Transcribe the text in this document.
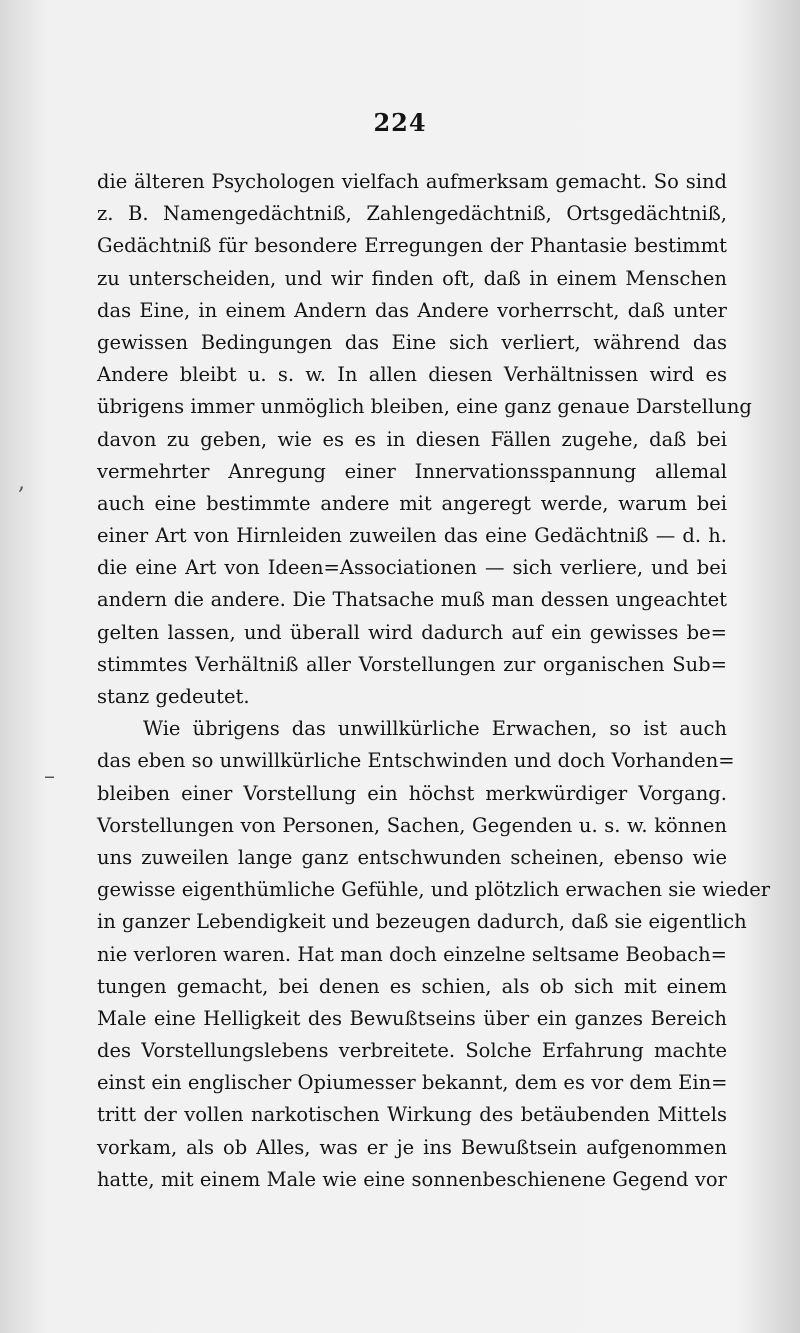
224
die älteren Psychologen vielfach aufmerksam gemacht. So sind
z. B. Namengedächtniß, Zahlengedächtniß, Ortsgedächtniß,
Gedächtniß für besondere Erregungen der Phantasie bestimmt
zu unterscheiden, und wir finden oft, daß in einem Menschen
das Eine, in einem Andern das Andere vorherrscht, daß unter
gewissen Bedingungen das Eine sich verliert, während das
Andere bleibt u. s. w. In allen diesen Verhältnissen wird es
übrigens immer unmöglich bleiben, eine ganz genaue Darstellung
davon zu geben, wie es es in diesen Fällen zugehe, daß bei
vermehrter Anregung einer Innervationsspannung allemal
auch eine bestimmte andere mit angeregt werde, warum bei
einer Art von Hirnleiden zuweilen das eine Gedächtniß — d. h.
die eine Art von Ideen=Associationen — sich verliere, und bei
andern die andere. Die Thatsache muß man dessen ungeachtet
gelten lassen, und überall wird dadurch auf ein gewisses be=
stimmtes Verhältniß aller Vorstellungen zur organischen Sub=
stanz gedeutet.
Wie übrigens das unwillkürliche Erwachen, so ist auch
das eben so unwillkürliche Entschwinden und doch Vorhanden=
bleiben einer Vorstellung ein höchst merkwürdiger Vorgang.
Vorstellungen von Personen, Sachen, Gegenden u. s. w. können
uns zuweilen lange ganz entschwunden scheinen, ebenso wie
gewisse eigenthümliche Gefühle, und plötzlich erwachen sie wieder
in ganzer Lebendigkeit und bezeugen dadurch, daß sie eigentlich
nie verloren waren. Hat man doch einzelne seltsame Beobach=
tungen gemacht, bei denen es schien, als ob sich mit einem
Male eine Helligkeit des Bewußtseins über ein ganzes Bereich
des Vorstellungslebens verbreitete. Solche Erfahrung machte
einst ein englischer Opiumesser bekannt, dem es vor dem Ein=
tritt der vollen narkotischen Wirkung des betäubenden Mittels
vorkam, als ob Alles, was er je ins Bewußtsein aufgenommen
hatte, mit einem Male wie eine sonnenbeschienene Gegend vor
–
,
